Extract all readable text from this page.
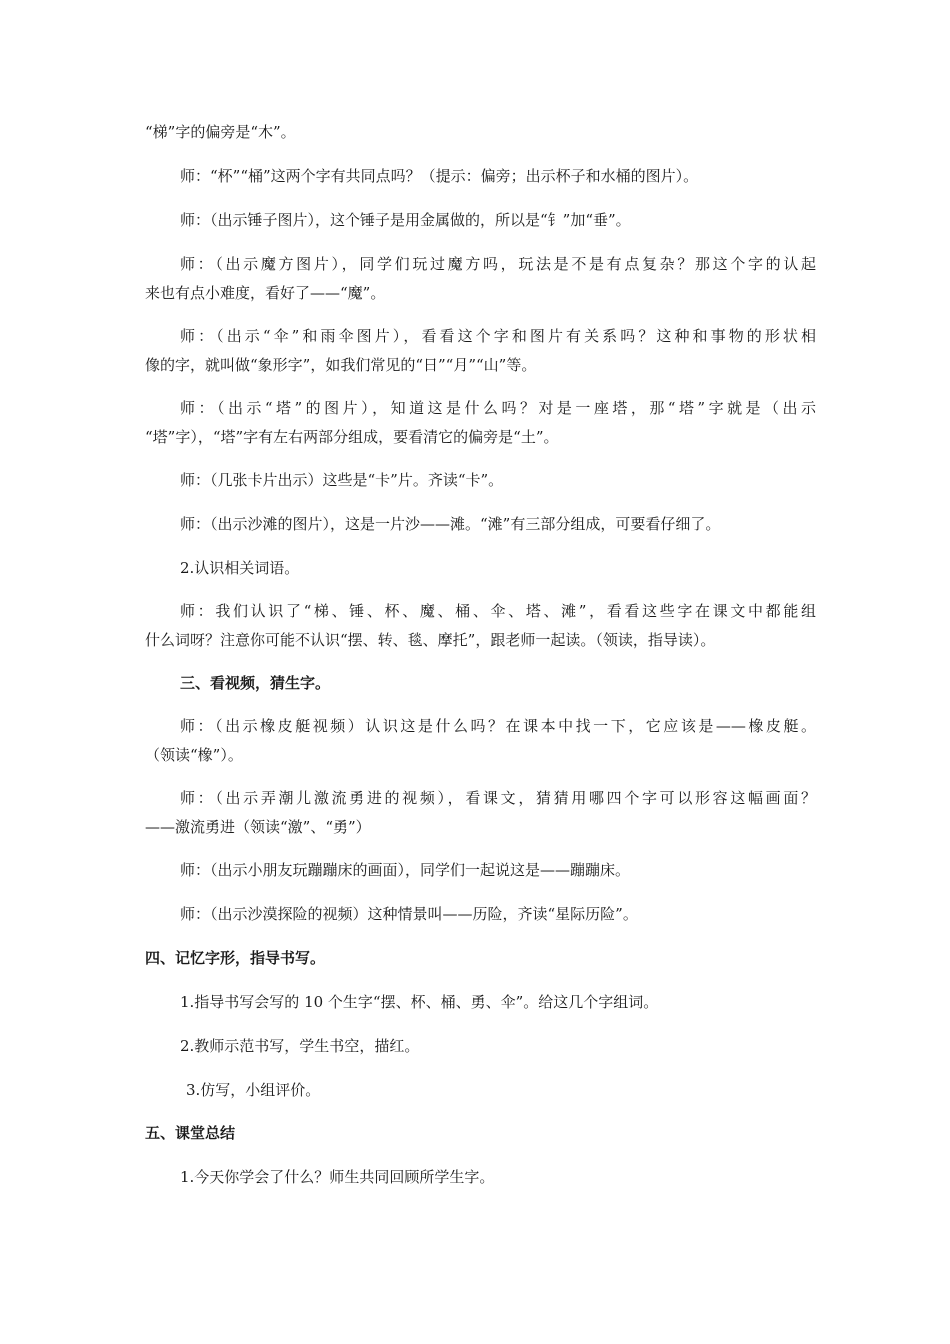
“梯”字的偏旁是“木”。
师：“杯”“桶”这两个字有共同点吗？（提示：偏旁；出示杯子和水桶的图片）。
师：（出示锤子图片），这个锤子是用金属做的，所以是“钅”加“垂”。
师：（出示魔方图片），同学们玩过魔方吗，玩法是不是有点复杂？那这个字的认起
来也有点小难度，看好了——“魔”。
师：（出示“伞”和雨伞图片），看看这个字和图片有关系吗？这种和事物的形状相
像的字，就叫做“象形字”，如我们常见的“日”“月”“山”等。
师：（出示“塔”的图片），知道这是什么吗？对是一座塔，那“塔”字就是（出示
“塔”字），“塔”字有左右两部分组成，要看清它的偏旁是“土”。
师：（几张卡片出示）这些是“卡”片。齐读“卡”。
师：（出示沙滩的图片），这是一片沙——滩。“滩”有三部分组成，可要看仔细了。
2.认识相关词语。
师：我们认识了“梯、锤、杯、魔、桶、伞、塔、滩”，看看这些字在课文中都能组
什么词呀？注意你可能不认识“摆、转、毯、摩托”，跟老师一起读。（领读，指导读）。
三、看视频，猜生字。
师：（出示橡皮艇视频）认识这是什么吗？在课本中找一下，它应该是——橡皮艇。
（领读“橡”）。
师：（出示弄潮儿激流勇进的视频），看课文，猜猜用哪四个字可以形容这幅画面？
——激流勇进（领读“激”、“勇”）
师：（出示小朋友玩蹦蹦床的画面），同学们一起说这是——蹦蹦床。
师：（出示沙漠探险的视频）这种情景叫——历险，齐读“星际历险”。
四、记忆字形，指导书写。
1.指导书写会写的 10 个生字“摆、杯、桶、勇、伞”。给这几个字组词。
2.教师示范书写，学生书空，描红。
3.仿写，小组评价。
五、课堂总结
1.今天你学会了什么？师生共同回顾所学生字。
